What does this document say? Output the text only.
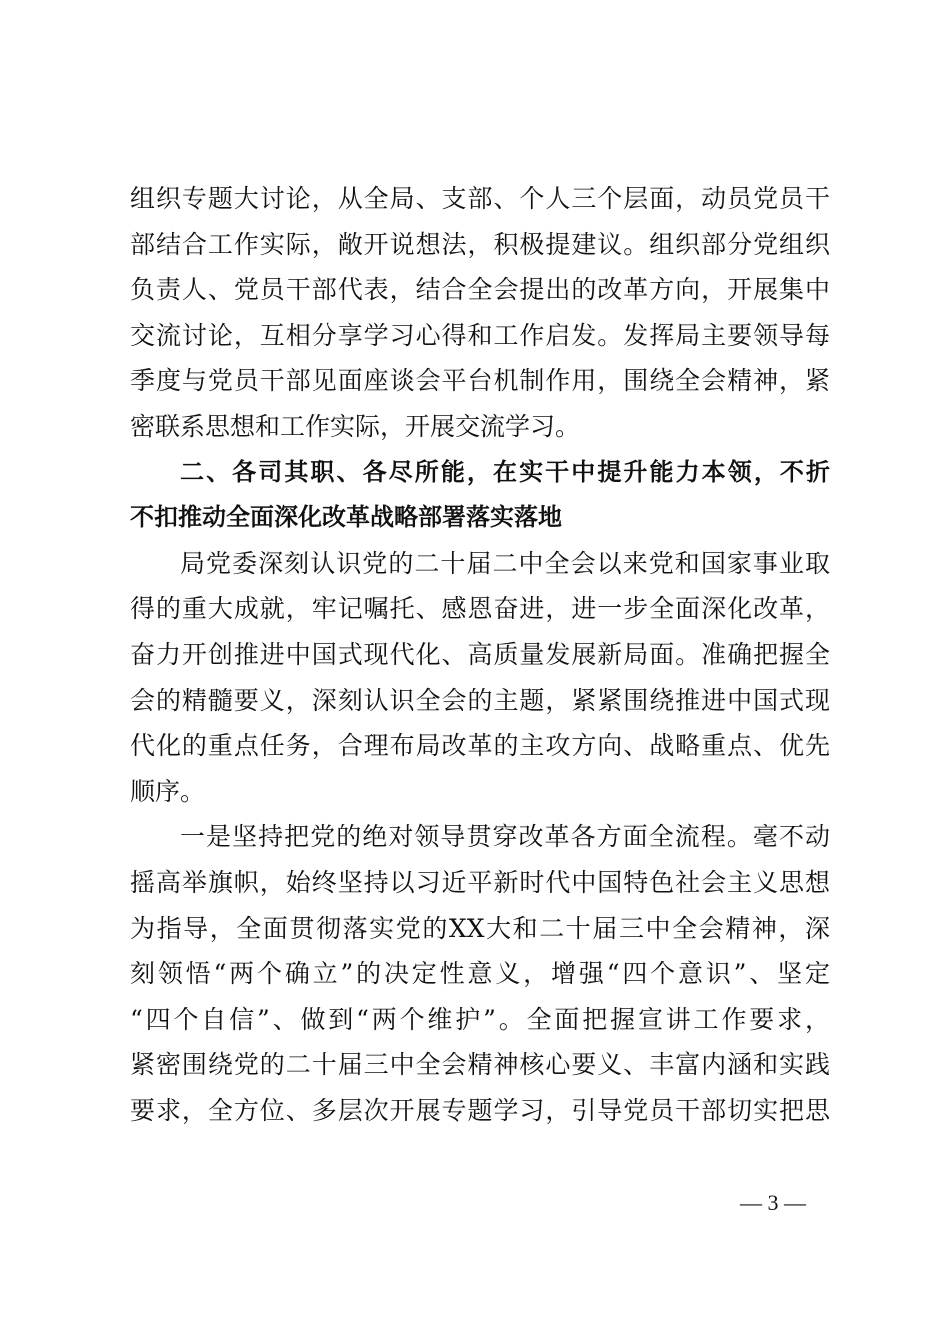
组织专题大讨论，从全局、支部、个人三个层面，动员党员干
部结合工作实际，敞开说想法，积极提建议。组织部分党组织
负责人、党员干部代表，结合全会提出的改革方向，开展集中
交流讨论，互相分享学习心得和工作启发。发挥局主要领导每
季度与党员干部见面座谈会平台机制作用，围绕全会精神，紧
密联系思想和工作实际，开展交流学习。
二、各司其职、各尽所能，在实干中提升能力本领，不折
不扣推动全面深化改革战略部署落实落地
局党委深刻认识党的二十届二中全会以来党和国家事业取
得的重大成就，牢记嘱托、感恩奋进，进一步全面深化改革，
奋力开创推进中国式现代化、高质量发展新局面。准确把握全
会的精髓要义，深刻认识全会的主题，紧紧围绕推进中国式现
代化的重点任务，合理布局改革的主攻方向、战略重点、优先
顺序。
一是坚持把党的绝对领导贯穿改革各方面全流程。毫不动
摇高举旗帜，始终坚持以习近平新时代中国特色社会主义思想
为指导，全面贯彻落实党的XX大和二十届三中全会精神，深
刻领悟“两个确立”的决定性意义，增强“四个意识”、坚定
“四个自信”、做到“两个维护”。全面把握宣讲工作要求，
紧密围绕党的二十届三中全会精神核心要义、丰富内涵和实践
要求，全方位、多层次开展专题学习，引导党员干部切实把思
— 3 —
